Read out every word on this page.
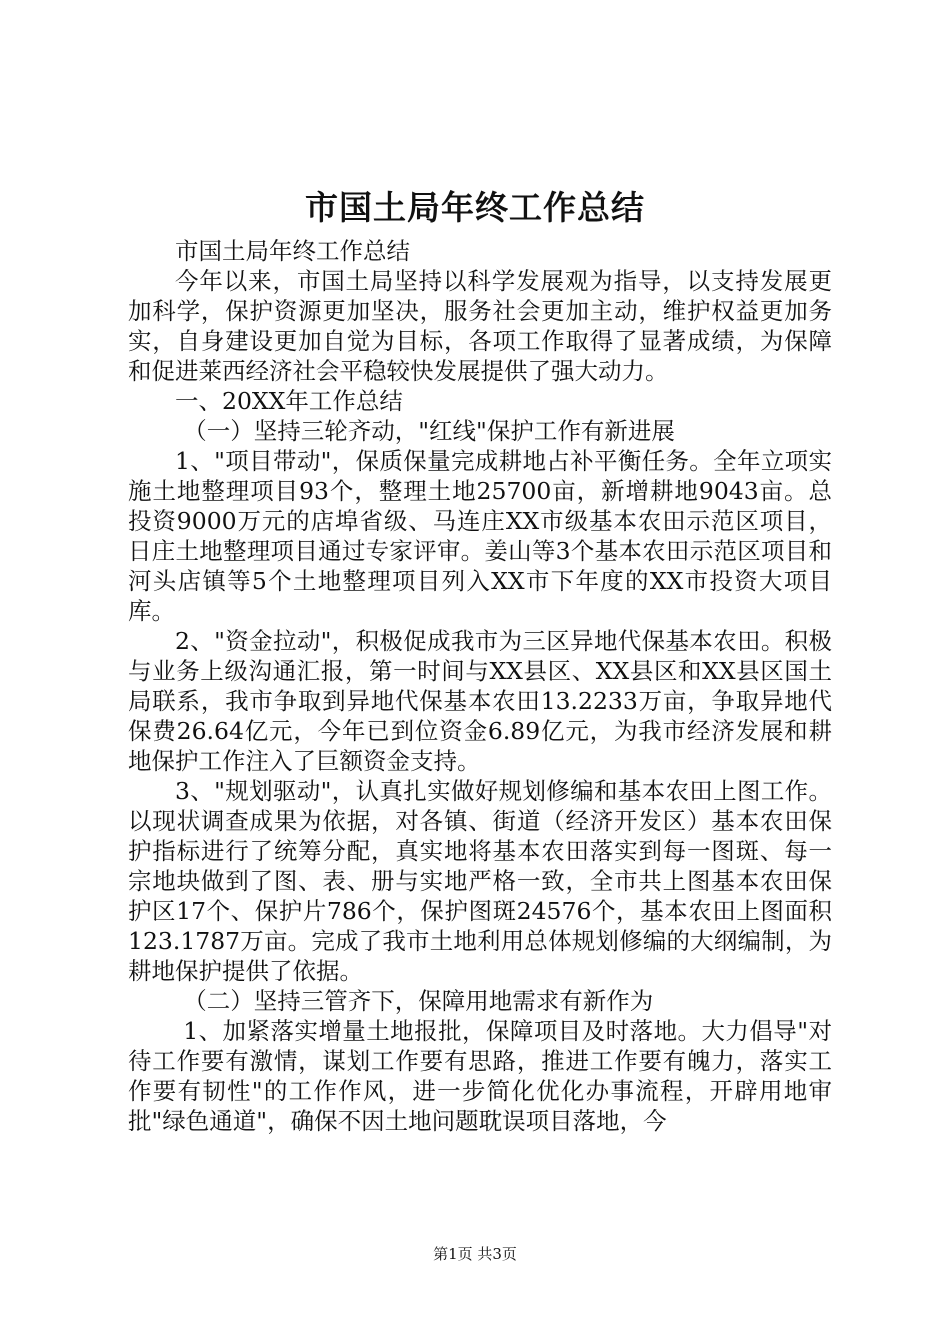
市国土局年终工作总结

市国土局年终工作总结

今年以来，市国土局坚持以科学发展观为指导，以支持发展更加科学，保护资源更加坚决，服务社会更加主动，维护权益更加务实，自身建设更加自觉为目标，各项工作取得了显著成绩，为保障和促进莱西经济社会平稳较快发展提供了强大动力。

一、20XX年工作总结

（一）坚持三轮齐动，"红线"保护工作有新进展

1、"项目带动"，保质保量完成耕地占补平衡任务。全年立项实施土地整理项目93个，整理土地25700亩，新增耕地9043亩。总投资9000万元的店埠省级、马连庄XX市级基本农田示范区项目，日庄土地整理项目通过专家评审。姜山等3个基本农田示范区项目和河头店镇等5个土地整理项目列入XX市下年度的XX市投资大项目库。

2、"资金拉动"，积极促成我市为三区异地代保基本农田。积极与业务上级沟通汇报，第一时间与XX县区、XX县区和XX县区国土局联系，我市争取到异地代保基本农田13.2233万亩，争取异地代保费26.64亿元，今年已到位资金6.89亿元，为我市经济发展和耕地保护工作注入了巨额资金支持。

3、"规划驱动"，认真扎实做好规划修编和基本农田上图工作。以现状调查成果为依据，对各镇、街道（经济开发区）基本农田保护指标进行了统筹分配，真实地将基本农田落实到每一图斑、每一宗地块做到了图、表、册与实地严格一致，全市共上图基本农田保护区17个、保护片786个，保护图斑24576个，基本农田上图面积123.1787万亩。完成了我市土地利用总体规划修编的大纲编制，为耕地保护提供了依据。

（二）坚持三管齐下，保障用地需求有新作为

1、加紧落实增量土地报批，保障项目及时落地。大力倡导"对待工作要有激情，谋划工作要有思路，推进工作要有魄力，落实工作要有韧性"的工作作风，进一步简化优化办事流程，开辟用地审批"绿色通道"，确保不因土地问题耽误项目落地，今

第1页 共3页
